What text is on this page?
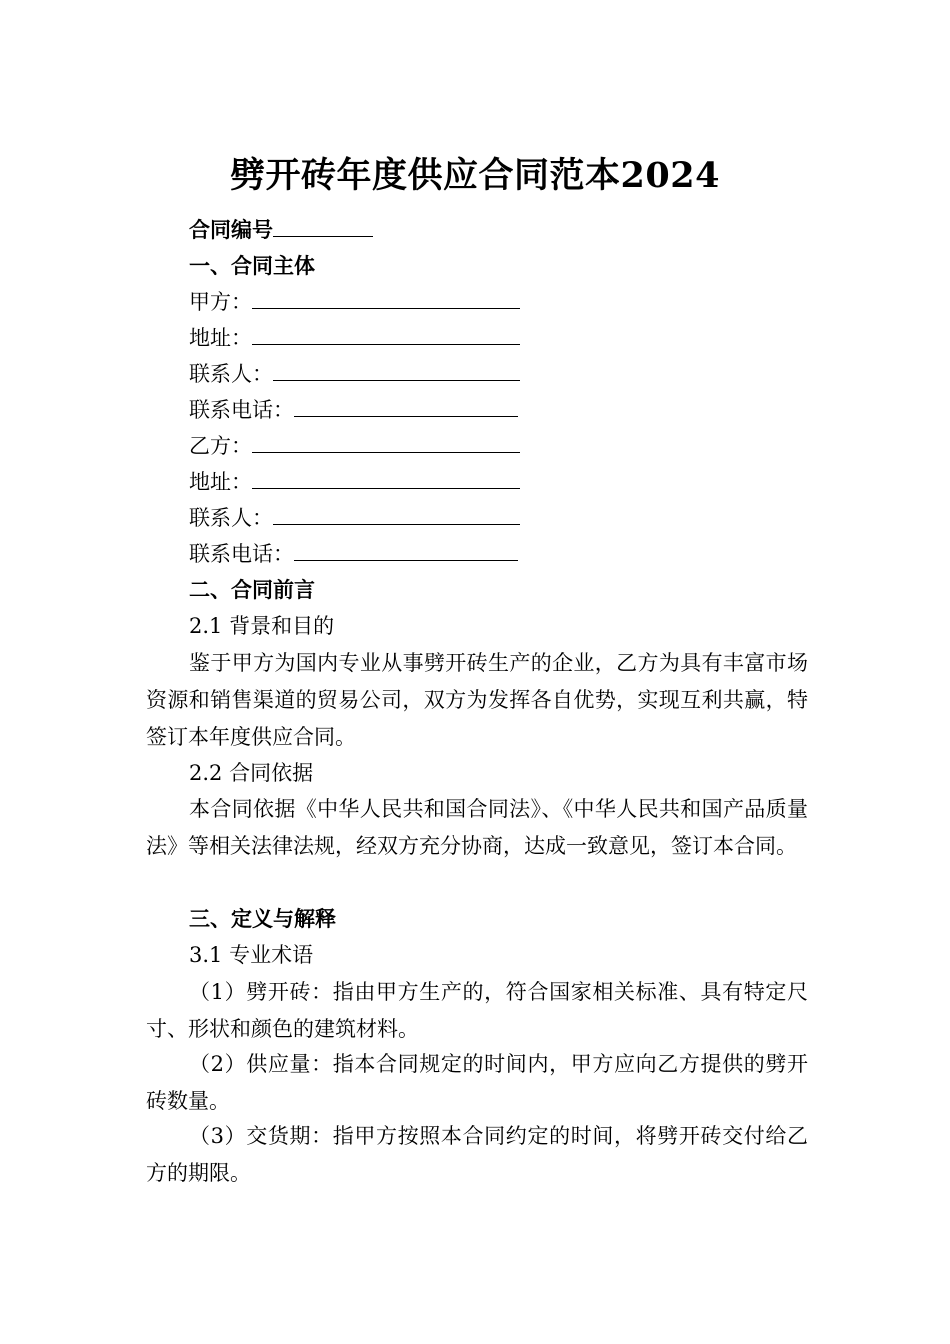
劈开砖年度供应合同范本2024
合同编号
一、合同主体
甲方：
地址：
联系人：
联系电话：
乙方：
地址：
联系人：
联系电话：
二、合同前言
2.1 背景和目的
鉴于甲方为国内专业从事劈开砖生产的企业，乙方为具有丰富市场资源和销售渠道的贸易公司，双方为发挥各自优势，实现互利共赢，特签订本年度供应合同。
2.2 合同依据
本合同依据《中华人民共和国合同法》、《中华人民共和国产品质量法》等相关法律法规，经双方充分协商，达成一致意见，签订本合同。
三、定义与解释
3.1 专业术语
（1）劈开砖：指由甲方生产的，符合国家相关标准、具有特定尺寸、形状和颜色的建筑材料。
（2）供应量：指本合同规定的时间内，甲方应向乙方提供的劈开砖数量。
（3）交货期：指甲方按照本合同约定的时间，将劈开砖交付给乙方的期限。
